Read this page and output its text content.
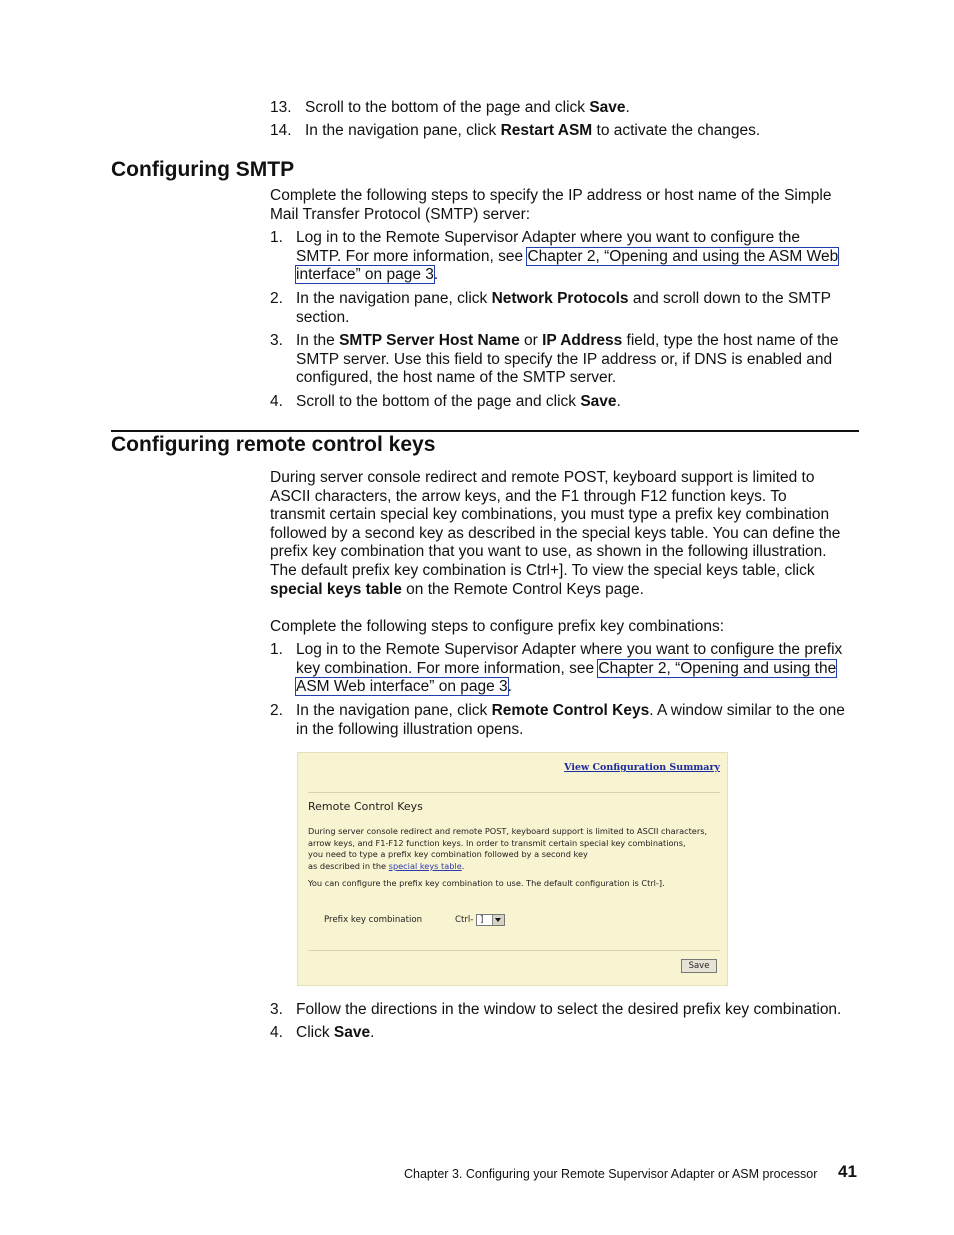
13. Scroll to the bottom of the page and click Save.
14. In the navigation pane, click Restart ASM to activate the changes.
Configuring SMTP
Complete the following steps to specify the IP address or host name of the Simple
Mail Transfer Protocol (SMTP) server:
1. Log in to the Remote Supervisor Adapter where you want to configure the
SMTP. For more information, see Chapter 2, “Opening and using the ASM Web
interface” on page 3.
2. In the navigation pane, click Network Protocols and scroll down to the SMTP
section.
3. In the SMTP Server Host Name or IP Address field, type the host name of the
SMTP server. Use this field to specify the IP address or, if DNS is enabled and
configured, the host name of the SMTP server.
4. Scroll to the bottom of the page and click Save.
Configuring remote control keys
During server console redirect and remote POST, keyboard support is limited to
ASCII characters, the arrow keys, and the F1 through F12 function keys. To
transmit certain special key combinations, you must type a prefix key combination
followed by a second key as described in the special keys table. You can define the
prefix key combination that you want to use, as shown in the following illustration.
The default prefix key combination is Ctrl+]. To view the special keys table, click
special keys table on the Remote Control Keys page.
Complete the following steps to configure prefix key combinations:
1. Log in to the Remote Supervisor Adapter where you want to configure the prefix
key combination. For more information, see Chapter 2, “Opening and using the
ASM Web interface” on page 3.
2. In the navigation pane, click Remote Control Keys. A window similar to the one
in the following illustration opens.
View Configuration Summary
Remote Control Keys
During server console redirect and remote POST, keyboard support is limited to ASCII characters,
arrow keys, and F1-F12 function keys. In order to transmit certain special key combinations,
you need to type a prefix key combination followed by a second key
as described in the special keys table.
You can configure the prefix key combination to use. The default configuration is Ctrl-].
Prefix key combination	Ctrl- ]
Save
3. Follow the directions in the window to select the desired prefix key combination.
4. Click Save.
Chapter 3. Configuring your Remote Supervisor Adapter or ASM processor 41
